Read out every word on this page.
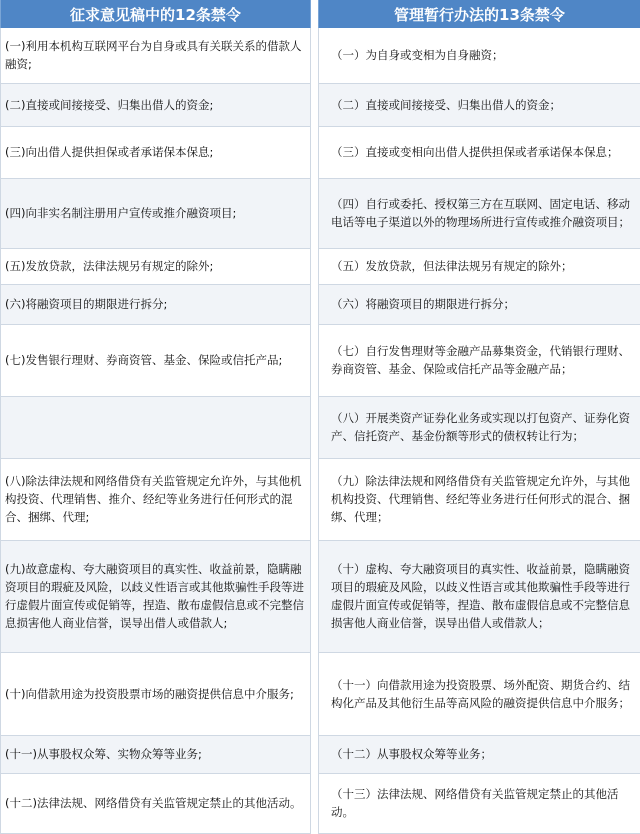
征求意见稿中的12条禁令		管理暂行办法的13条禁令
(一)利用本机构互联网平台为自身或具有关联关系的借款人融资;		（一）为自身或变相为自身融资；
(二)直接或间接接受、归集出借人的资金;		（二）直接或间接接受、归集出借人的资金；
(三)向出借人提供担保或者承诺保本保息;		（三）直接或变相向出借人提供担保或者承诺保本保息；
(四)向非实名制注册用户宣传或推介融资项目;		（四）自行或委托、授权第三方在互联网、固定电话、移动电话等电子渠道以外的物理场所进行宣传或推介融资项目；
(五)发放贷款，法律法规另有规定的除外;		（五）发放贷款，但法律法规另有规定的除外；
(六)将融资项目的期限进行拆分;		（六）将融资项目的期限进行拆分；
(七)发售银行理财、券商资管、基金、保险或信托产品;		（七）自行发售理财等金融产品募集资金，代销银行理财、券商资管、基金、保险或信托产品等金融产品；
		（八）开展类资产证券化业务或实现以打包资产、证券化资产、信托资产、基金份额等形式的债权转让行为；
(八)除法律法规和网络借贷有关监管规定允许外，与其他机构投资、代理销售、推介、经纪等业务进行任何形式的混合、捆绑、代理;		（九）除法律法规和网络借贷有关监管规定允许外，与其他机构投资、代理销售、经纪等业务进行任何形式的混合、捆绑、代理；
(九)故意虚构、夸大融资项目的真实性、收益前景，隐瞒融资项目的瑕疵及风险，以歧义性语言或其他欺骗性手段等进行虚假片面宣传或促销等，捏造、散布虚假信息或不完整信息损害他人商业信誉，误导出借人或借款人;		（十）虚构、夸大融资项目的真实性、收益前景，隐瞒融资项目的瑕疵及风险，以歧义性语言或其他欺骗性手段等进行虚假片面宣传或促销等，捏造、散布虚假信息或不完整信息损害他人商业信誉，误导出借人或借款人；
(十)向借款用途为投资股票市场的融资提供信息中介服务;		（十一）向借款用途为投资股票、场外配资、期货合约、结构化产品及其他衍生品等高风险的融资提供信息中介服务；
(十一)从事股权众筹、实物众筹等业务;		（十二）从事股权众筹等业务；
(十二)法律法规、网络借贷有关监管规定禁止的其他活动。		（十三）法律法规、网络借贷有关监管规定禁止的其他活动。
